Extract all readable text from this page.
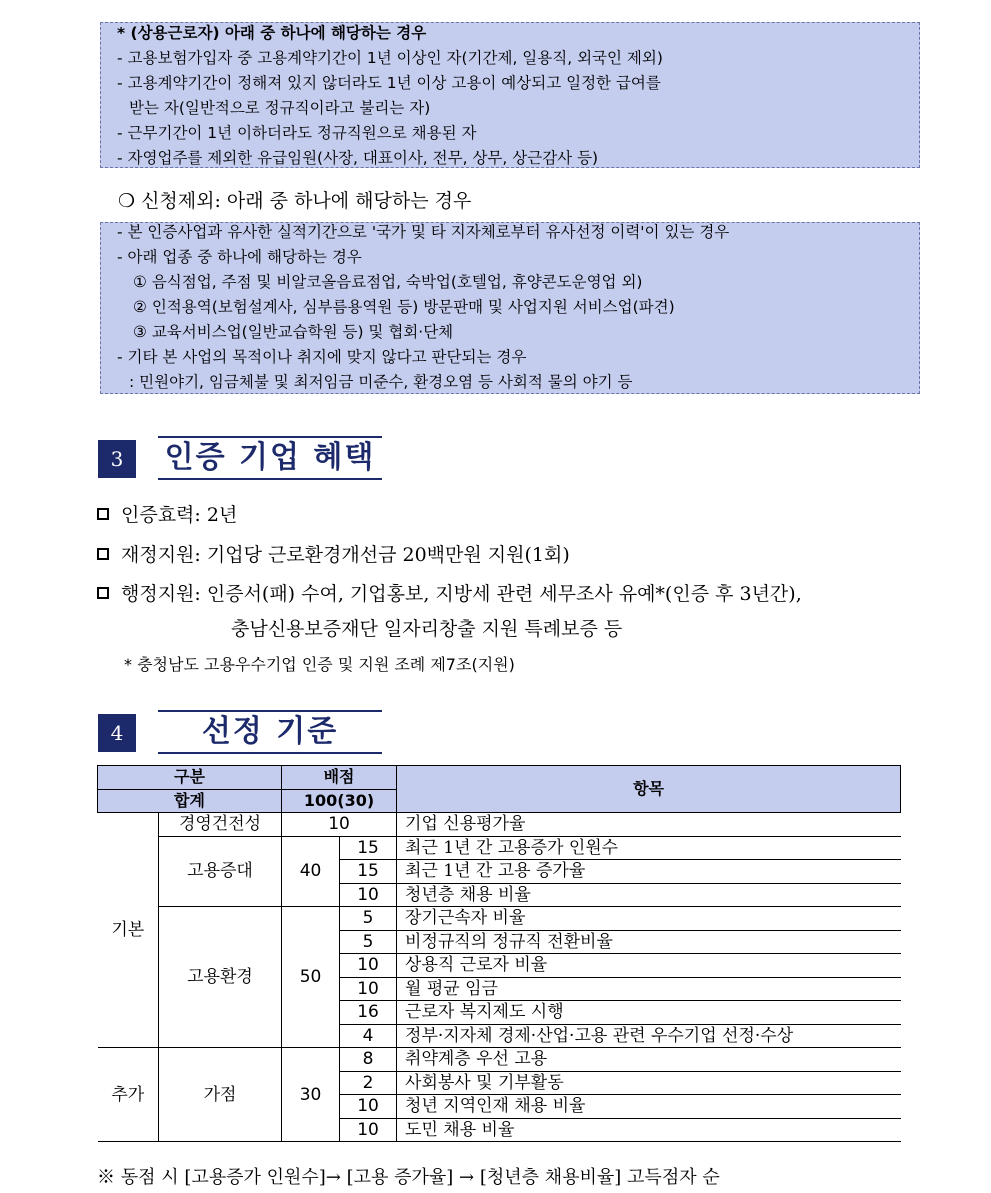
* (상용근로자) 아래 중 하나에 해당하는 경우
- 고용보험가입자 중 고용계약기간이 1년 이상인 자(기간제, 일용직, 외국인 제외)
- 고용계약기간이 정해져 있지 않더라도 1년 이상 고용이 예상되고 일정한 급여를
받는 자(일반적으로 정규직이라고 불리는 자)
- 근무기간이 1년 이하더라도 정규직원으로 채용된 자
- 자영업주를 제외한 유급임원(사장, 대표이사, 전무, 상무, 상근감사 등)
❍ 신청제외: 아래 중 하나에 해당하는 경우
- 본 인증사업과 유사한 실적기간으로 '국가 및 타 지자체로부터 유사선정 이력'이 있는 경우
- 아래 업종 중 하나에 해당하는 경우
① 음식점업, 주점 및 비알코올음료점업, 숙박업(호텔업, 휴양콘도운영업 외)
② 인적용역(보험설계사, 심부름용역원 등) 방문판매 및 사업지원 서비스업(파견)
③ 교육서비스업(일반교습학원 등) 및 협회·단체
- 기타 본 사업의 목적이나 취지에 맞지 않다고 판단되는 경우
: 민원야기, 임금체불 및 최저임금 미준수, 환경오염 등 사회적 물의 야기 등
3	인증 기업 혜택
인증효력: 2년
재정지원: 기업당 근로환경개선금 20백만원 지원(1회)
행정지원: 인증서(패) 수여, 기업홍보, 지방세 관련 세무조사 유예*(인증 후 3년간),
충남신용보증재단 일자리창출 지원 특례보증 등
* 충청남도 고용우수기업 인증 및 지원 조례 제7조(지원)
4	선정 기준
구분		배점		항목
합계		100(30)		
기본	경영건전성	10		기업 신용평가율
	고용증대	40	15	최근 1년 간 고용증가 인원수
			15	최근 1년 간 고용 증가율
			10	청년층 채용 비율
	고용환경	50	5	장기근속자 비율
			5	비정규직의 정규직 전환비율
			10	상용직 근로자 비율
			10	월 평균 임금
			16	근로자 복지제도 시행
			4	정부·지자체 경제·산업·고용 관련 우수기업 선정·수상
추가	가점	30	8	취약계층 우선 고용
			2	사회봉사 및 기부활동
			10	청년 지역인재 채용 비율
			10	도민 채용 비율
※ 동점 시 [고용증가 인원수]→ [고용 증가율] → [청년층 채용비율] 고득점자 순
